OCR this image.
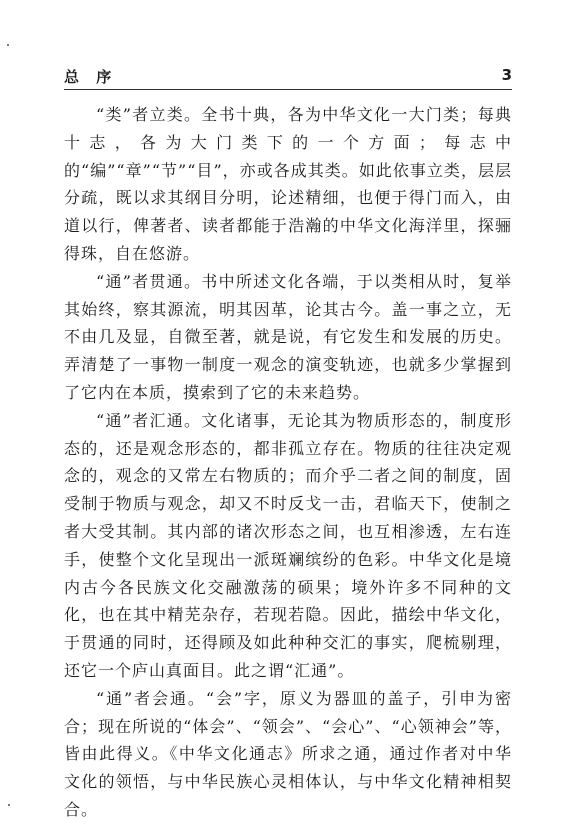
总 序	3

“类”者立类。全书十典，各为中华文化一大门类；每典十志，各为大门类下的一个方面；每志中的“编”“章”“节”“目”，亦或各成其类。如此依事立类，层层分疏，既以求其纲目分明，论述精细，也便于得门而入，由道以行，俾著者、读者都能于浩瀚的中华文化海洋里，探骊得珠，自在悠游。

“通”者贯通。书中所述文化各端，于以类相从时，复举其始终，察其源流，明其因革，论其古今。盖一事之立，无不由几及显，自微至著，就是说，有它发生和发展的历史。弄清楚了一事物一制度一观念的演变轨迹，也就多少掌握到了它内在本质，摸索到了它的未来趋势。

“通”者汇通。文化诸事，无论其为物质形态的，制度形态的，还是观念形态的，都非孤立存在。物质的往往决定观念的，观念的又常左右物质的；而介乎二者之间的制度，固受制于物质与观念，却又不时反戈一击，君临天下，使制之者大受其制。其内部的诸次形态之间，也互相渗透，左右连手，使整个文化呈现出一派斑斓缤纷的色彩。中华文化是境内古今各民族文化交融激荡的硕果；境外许多不同种的文化，也在其中精芜杂存，若现若隐。因此，描绘中华文化，于贯通的同时，还得顾及如此种种交汇的事实，爬梳剔理，还它一个庐山真面目。此之谓“汇通”。

“通”者会通。“会”字，原义为器皿的盖子，引申为密合；现在所说的“体会”、“领会”、“会心”、“心领神会”等，皆由此得义。《中华文化通志》所求之通，通过作者对中华文化的领悟，与中华民族心灵相体认，与中华文化精神相契合。
